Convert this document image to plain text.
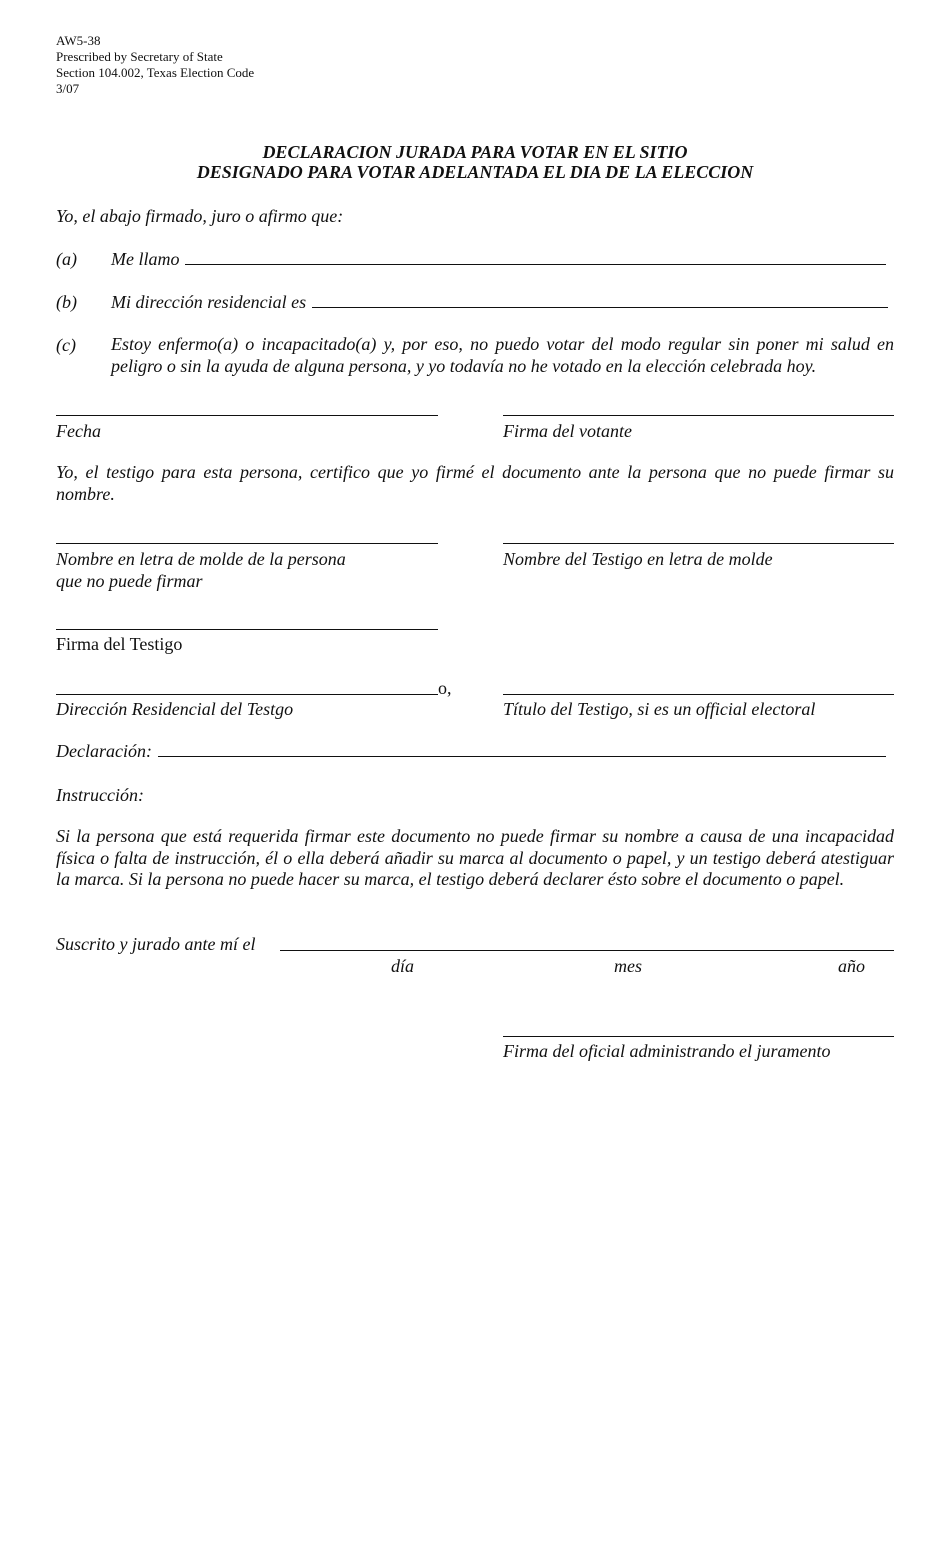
AW5-38
Prescribed by Secretary of State
Section 104.002, Texas Election Code
3/07
DECLARACION JURADA PARA VOTAR EN EL SITIO
DESIGNADO PARA VOTAR ADELANTADA EL DIA DE LA ELECCION
Yo, el abajo firmado, juro o afirmo que:
(a) Me llamo
(b) Mi dirección residencial es
(c) Estoy enfermo(a) o incapacitado(a) y, por eso, no puedo votar del modo regular sin poner mi salud en peligro o sin la ayuda de alguna persona, y yo todavía no he votado en la elección celebrada hoy.
Fecha	Firma del votante
Yo, el testigo para esta persona, certifico que yo firmé el documento ante la persona que no puede firmar su nombre.
Nombre en letra de molde de la persona
que no puede firmar
Nombre del Testigo en letra de molde
Firma del Testigo
o,
Dirección Residencial del Testgo	Título del Testigo, si es un official electoral
Declaración:
Instrucción:
Si la persona que está requerida firmar este documento no puede firmar su nombre a causa de una incapacidad física o falta de instrucción, él o ella deberá añadir su marca al documento o papel, y un testigo deberá atestiguar la marca. Si la persona no puede hacer su marca, el testigo deberá declarer ésto sobre el documento o papel.
Suscrito y jurado ante mí el
día	mes	año
Firma del oficial administrando el juramento
